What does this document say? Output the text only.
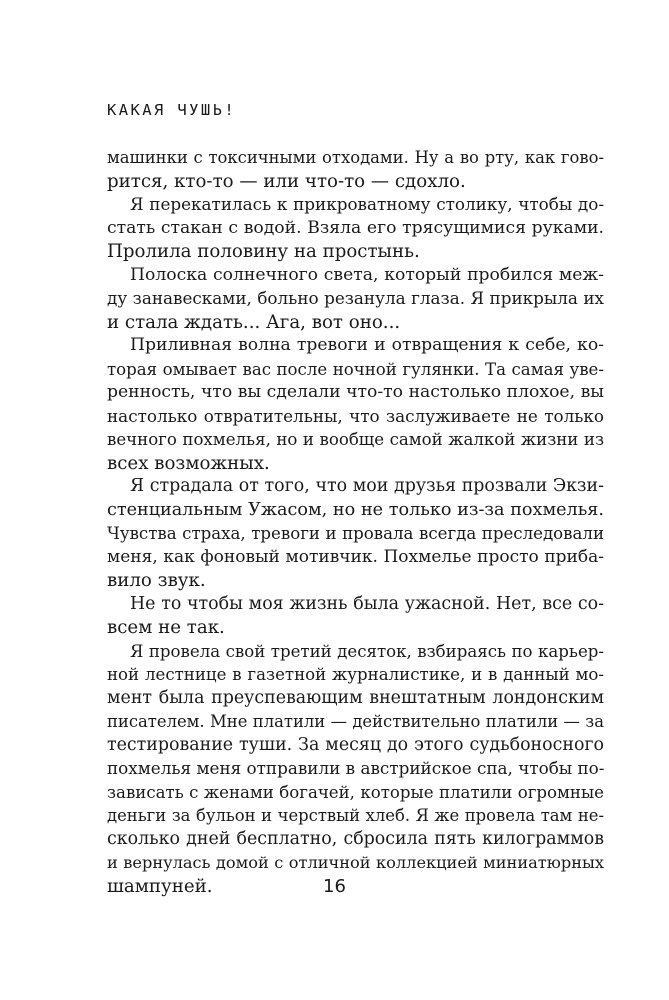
КАКАЯ ЧУШЬ!
машинки с токсичными отходами. Ну а во рту, как гово-
рится, кто-то — или что-то — сдохло.
Я перекатилась к прикроватному столику, чтобы до-
стать стакан с водой. Взяла его трясущимися руками.
Пролила половину на простынь.
Полоска солнечного света, который пробился меж-
ду занавесками, больно резанула глаза. Я прикрыла их
и стала ждать... Ага, вот оно...
Приливная волна тревоги и отвращения к себе, ко-
торая омывает вас после ночной гулянки. Та самая уве-
ренность, что вы сделали что-то настолько плохое, вы
настолько отвратительны, что заслуживаете не только
вечного похмелья, но и вообще самой жалкой жизни из
всех возможных.
Я страдала от того, что мои друзья прозвали Экзи-
стенциальным Ужасом, но не только из-за похмелья.
Чувства страха, тревоги и провала всегда преследовали
меня, как фоновый мотивчик. Похмелье просто приба-
вило звук.
Не то чтобы моя жизнь была ужасной. Нет, все со-
всем не так.
Я провела свой третий десяток, взбираясь по карьер-
ной лестнице в газетной журналистике, и в данный мо-
мент была преуспевающим внештатным лондонским
писателем. Мне платили — действительно платили — за
тестирование туши. За месяц до этого судьбоносного
похмелья меня отправили в австрийское спа, чтобы по-
зависать с женами богачей, которые платили огромные
деньги за бульон и черствый хлеб. Я же провела там не-
сколько дней бесплатно, сбросила пять килограммов
и вернулась домой с отличной коллекцией миниатюрных
шампуней.	16
